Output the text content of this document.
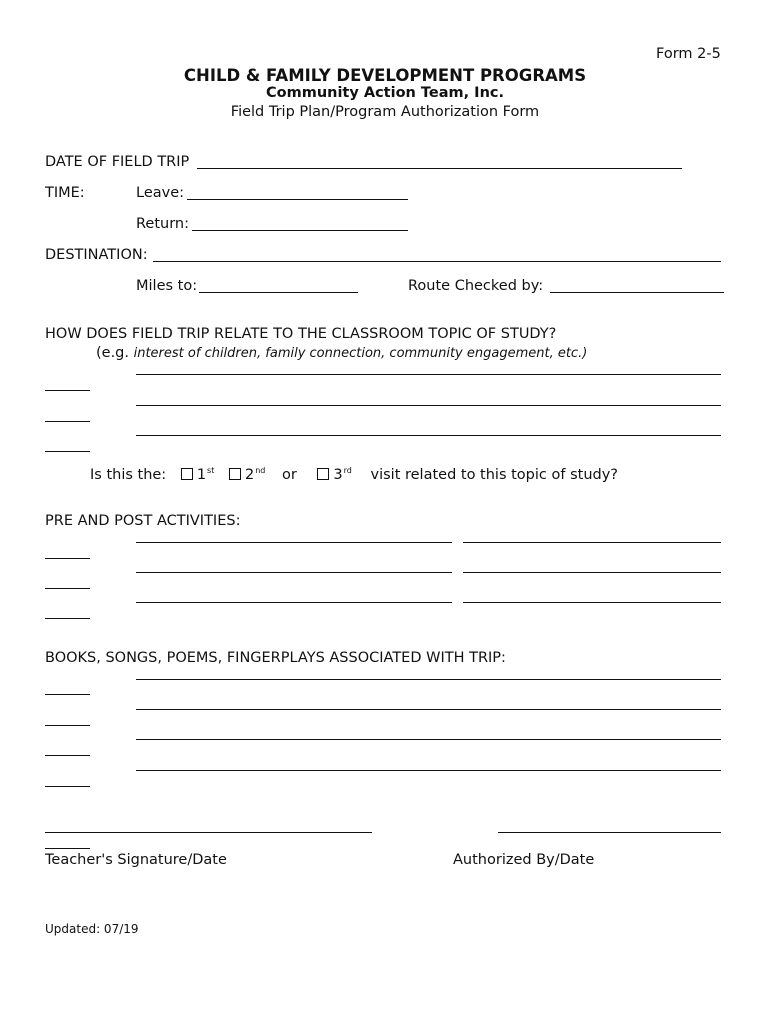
Form 2-5
CHILD & FAMILY DEVELOPMENT PROGRAMS
Community Action Team, Inc.
Field Trip Plan/Program Authorization Form
DATE OF FIELD TRIP
TIME:	Leave:
Return:
DESTINATION:
Miles to:	Route Checked by:
HOW DOES FIELD TRIP RELATE TO THE CLASSROOM TOPIC OF STUDY?
(e.g. interest of children, family connection, community engagement, etc.)
Is this the: 1st 2nd or	3rd visit related to this topic of study?
PRE AND POST ACTIVITIES:
BOOKS, SONGS, POEMS, FINGERPLAYS ASSOCIATED WITH TRIP:
Teacher's Signature/Date	Authorized By/Date
Updated: 07/19
